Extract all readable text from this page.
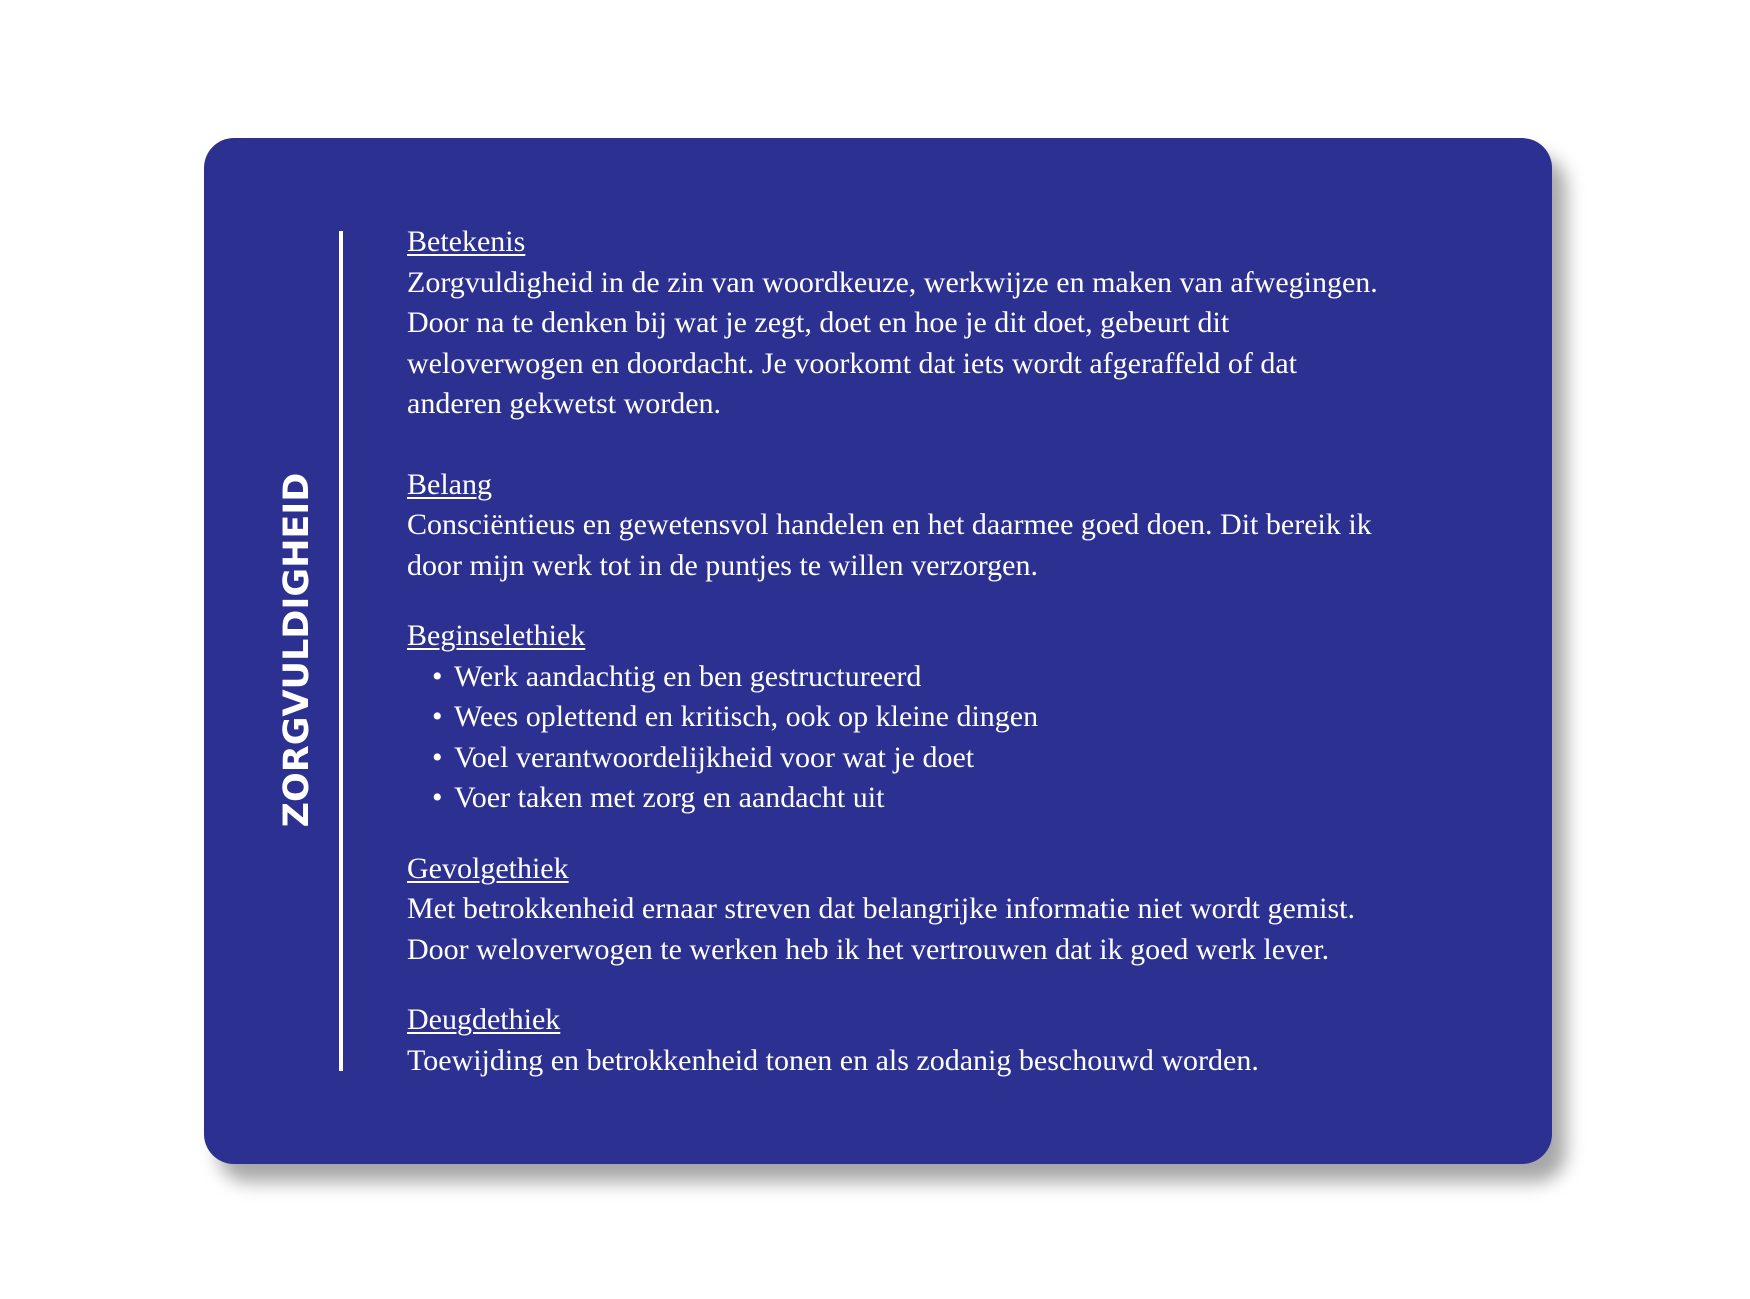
ZORGVULDIGHEID
Betekenis
Zorgvuldigheid in de zin van woordkeuze, werkwijze en maken van afwegingen.
Door na te denken bij wat je zegt, doet en hoe je dit doet, gebeurt dit
weloverwogen en doordacht. Je voorkomt dat iets wordt afgeraffeld of dat
anderen gekwetst worden.
Belang
Consciëntieus en gewetensvol handelen en het daarmee goed doen. Dit bereik ik
door mijn werk tot in de puntjes te willen verzorgen.
Beginselethiek
• Werk aandachtig en ben gestructureerd
• Wees oplettend en kritisch, ook op kleine dingen
• Voel verantwoordelijkheid voor wat je doet
• Voer taken met zorg en aandacht uit
Gevolgethiek
Met betrokkenheid ernaar streven dat belangrijke informatie niet wordt gemist.
Door weloverwogen te werken heb ik het vertrouwen dat ik goed werk lever.
Deugdethiek
Toewijding en betrokkenheid tonen en als zodanig beschouwd worden.
